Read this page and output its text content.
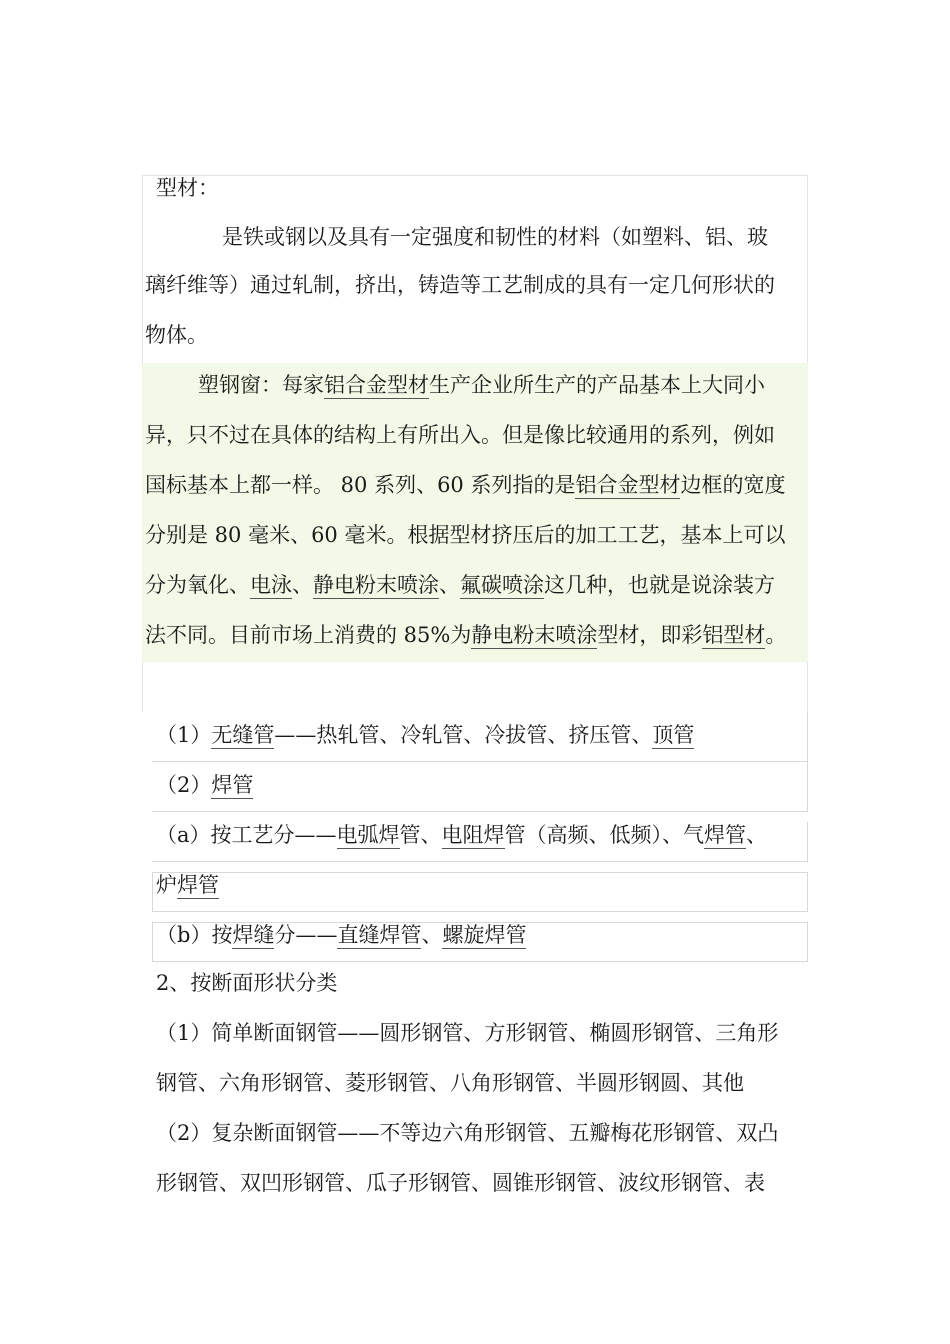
型材：
是铁或钢以及具有一定强度和韧性的材料（如塑料、铝、玻
璃纤维等）通过轧制，挤出，铸造等工艺制成的具有一定几何形状的
物体。
塑钢窗：每家铝合金型材生产企业所生产的产品基本上大同小
异，只不过在具体的结构上有所出入。但是像比较通用的系列，例如
国标基本上都一样。 80 系列、60 系列指的是铝合金型材边框的宽度
分别是 80 毫米、60 毫米。根据型材挤压后的加工工艺，基本上可以
分为氧化、电泳、静电粉末喷涂、氟碳喷涂这几种，也就是说涂装方
法不同。目前市场上消费的 85%为静电粉末喷涂型材，即彩铝型材。
（1）无缝管——热轧管、冷轧管、冷拔管、挤压管、顶管
（2）焊管
（a）按工艺分——电弧焊管、电阻焊管（高频、低频）、气焊管、
炉焊管
（b）按焊缝分——直缝焊管、螺旋焊管
2、按断面形状分类
（1）简单断面钢管——圆形钢管、方形钢管、椭圆形钢管、三角形
钢管、六角形钢管、菱形钢管、八角形钢管、半圆形钢圆、其他
（2）复杂断面钢管——不等边六角形钢管、五瓣梅花形钢管、双凸
形钢管、双凹形钢管、瓜子形钢管、圆锥形钢管、波纹形钢管、表
